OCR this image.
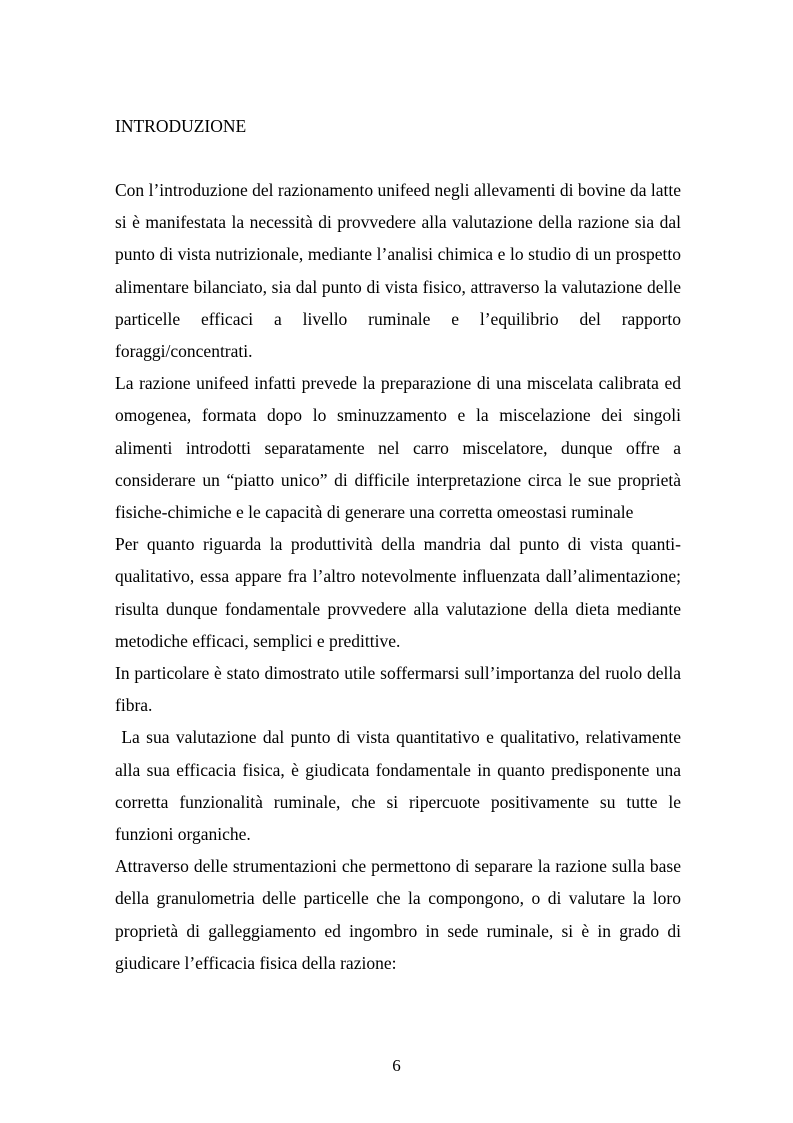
INTRODUZIONE

Con l’introduzione del razionamento unifeed negli allevamenti di bovine da latte si è manifestata la necessità di provvedere alla valutazione della razione sia dal punto di vista nutrizionale, mediante l’analisi chimica e lo studio di un prospetto alimentare bilanciato, sia dal punto di vista fisico, attraverso la valutazione delle particelle efficaci a livello ruminale e l’equilibrio del rapporto foraggi/concentrati.

La razione unifeed infatti prevede la preparazione di una miscelata calibrata ed omogenea, formata dopo lo sminuzzamento e la miscelazione dei singoli alimenti introdotti separatamente nel carro miscelatore, dunque offre a considerare un “piatto unico” di difficile interpretazione circa le sue proprietà fisiche-chimiche e le capacità di generare una corretta omeostasi ruminale

Per quanto riguarda la produttività della mandria dal punto di vista quanti-qualitativo, essa appare fra l’altro notevolmente influenzata dall’alimentazione; risulta dunque fondamentale provvedere alla valutazione della dieta mediante metodiche efficaci, semplici e predittive.

In particolare è stato dimostrato utile soffermarsi sull’importanza del ruolo della fibra.

La sua valutazione dal punto di vista quantitativo e qualitativo, relativamente alla sua efficacia fisica, è giudicata fondamentale in quanto predisponente una corretta funzionalità ruminale, che si ripercuote positivamente su tutte le funzioni organiche.

Attraverso delle strumentazioni che permettono di separare la razione sulla base della granulometria delle particelle che la compongono, o di valutare la loro proprietà di galleggiamento ed ingombro in sede ruminale, si è in grado di giudicare l’efficacia fisica della razione:

6
